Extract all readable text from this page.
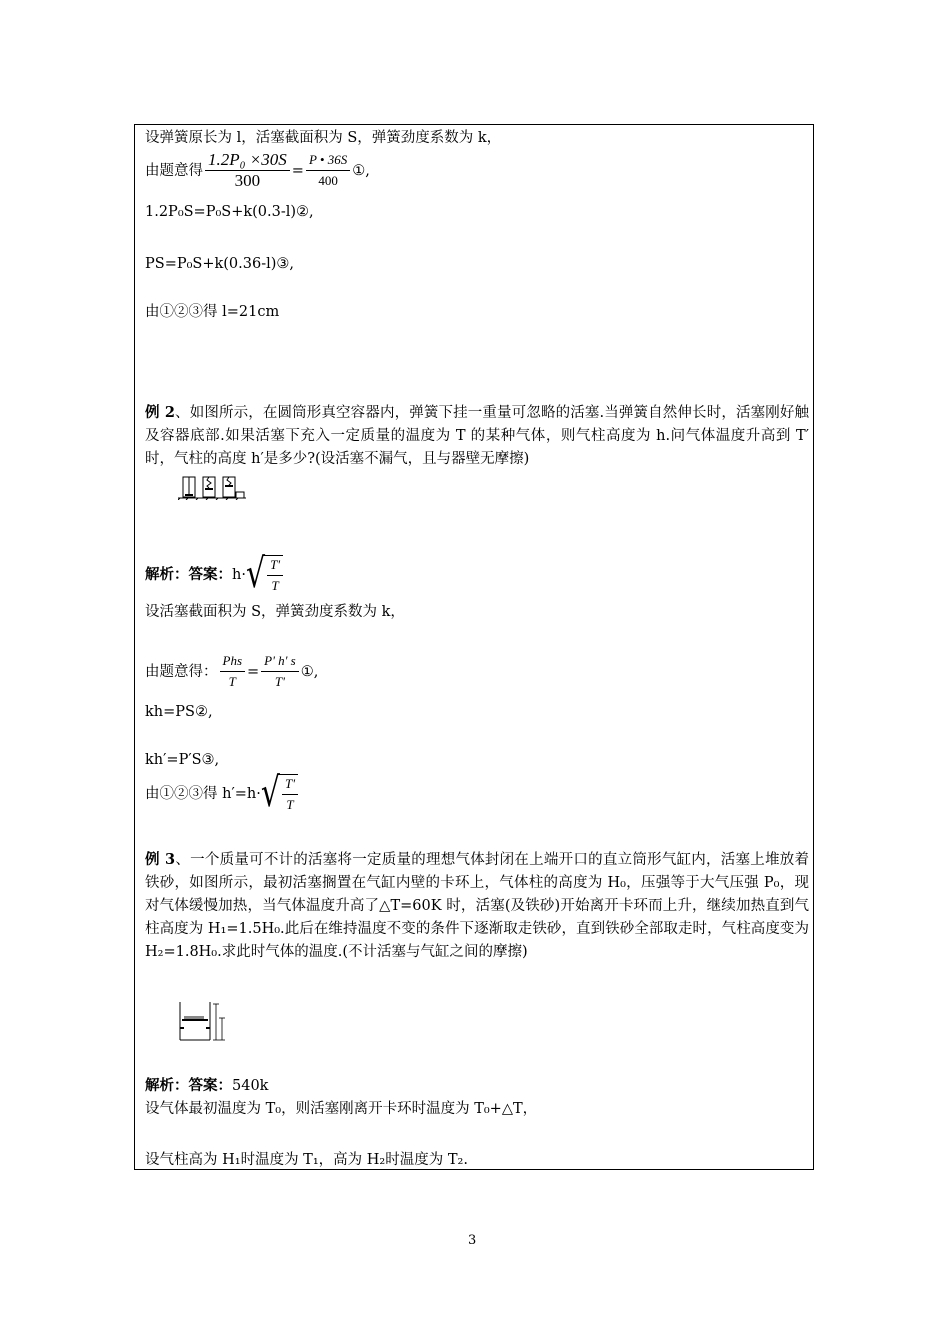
设弹簧原长为 l，活塞截面积为 S，弹簧劲度系数为 k，
由题意得 $\frac{\text{1.2P₀ ×30S}}{300} = \frac{P • 36S}{400}$ ①,
1.2P₀S=P₀S+k(0.3-l)②,
PS=P₀S+k(0.36-l)③,
由①②③得 l=21cm
例 2、如图所示，在圆筒形真空容器内，弹簧下挂一重量可忽略的活塞.当弹簧自然伸长时，活塞刚好触及容器底部.如果活塞下充入一定质量的温度为 T 的某种气体，则气柱高度为 h.问气体温度升高到 T′时，气柱的高度 h′是多少?(设活塞不漏气，且与器壁无摩擦)
解析：答案： h· √ $\frac{T'}{T}$
设活塞截面积为 S，弹簧劲度系数为 k，
由题意得： $\frac{\text{Phs}}{T} = \frac{P' h' s}{T'}$ ①,
kh=PS②,
kh′=P′S③,
由①②③得 h′=h· √ $\frac{T'}{T}$
例 3、一个质量可不计的活塞将一定质量的理想气体封闭在上端开口的直立筒形气缸内，活塞上堆放着铁砂，如图所示，最初活塞搁置在气缸内壁的卡环上，气体柱的高度为 H₀，压强等于大气压强 P₀，现对气体缓慢加热，当气体温度升高了△T=60K 时，活塞(及铁砂)开始离开卡环而上升，继续加热直到气柱高度为 H₁=1.5H₀.此后在维持温度不变的条件下逐渐取走铁砂，直到铁砂全部取走时，气柱高度变为 H₂=1.8H₀.求此时气体的温度.(不计活塞与气缸之间的摩擦)
解析：答案：540k
设气体最初温度为 T₀，则活塞刚离开卡环时温度为 T₀+△T，
设气柱高为 H₁时温度为 T₁，高为 H₂时温度为 T₂.
3
